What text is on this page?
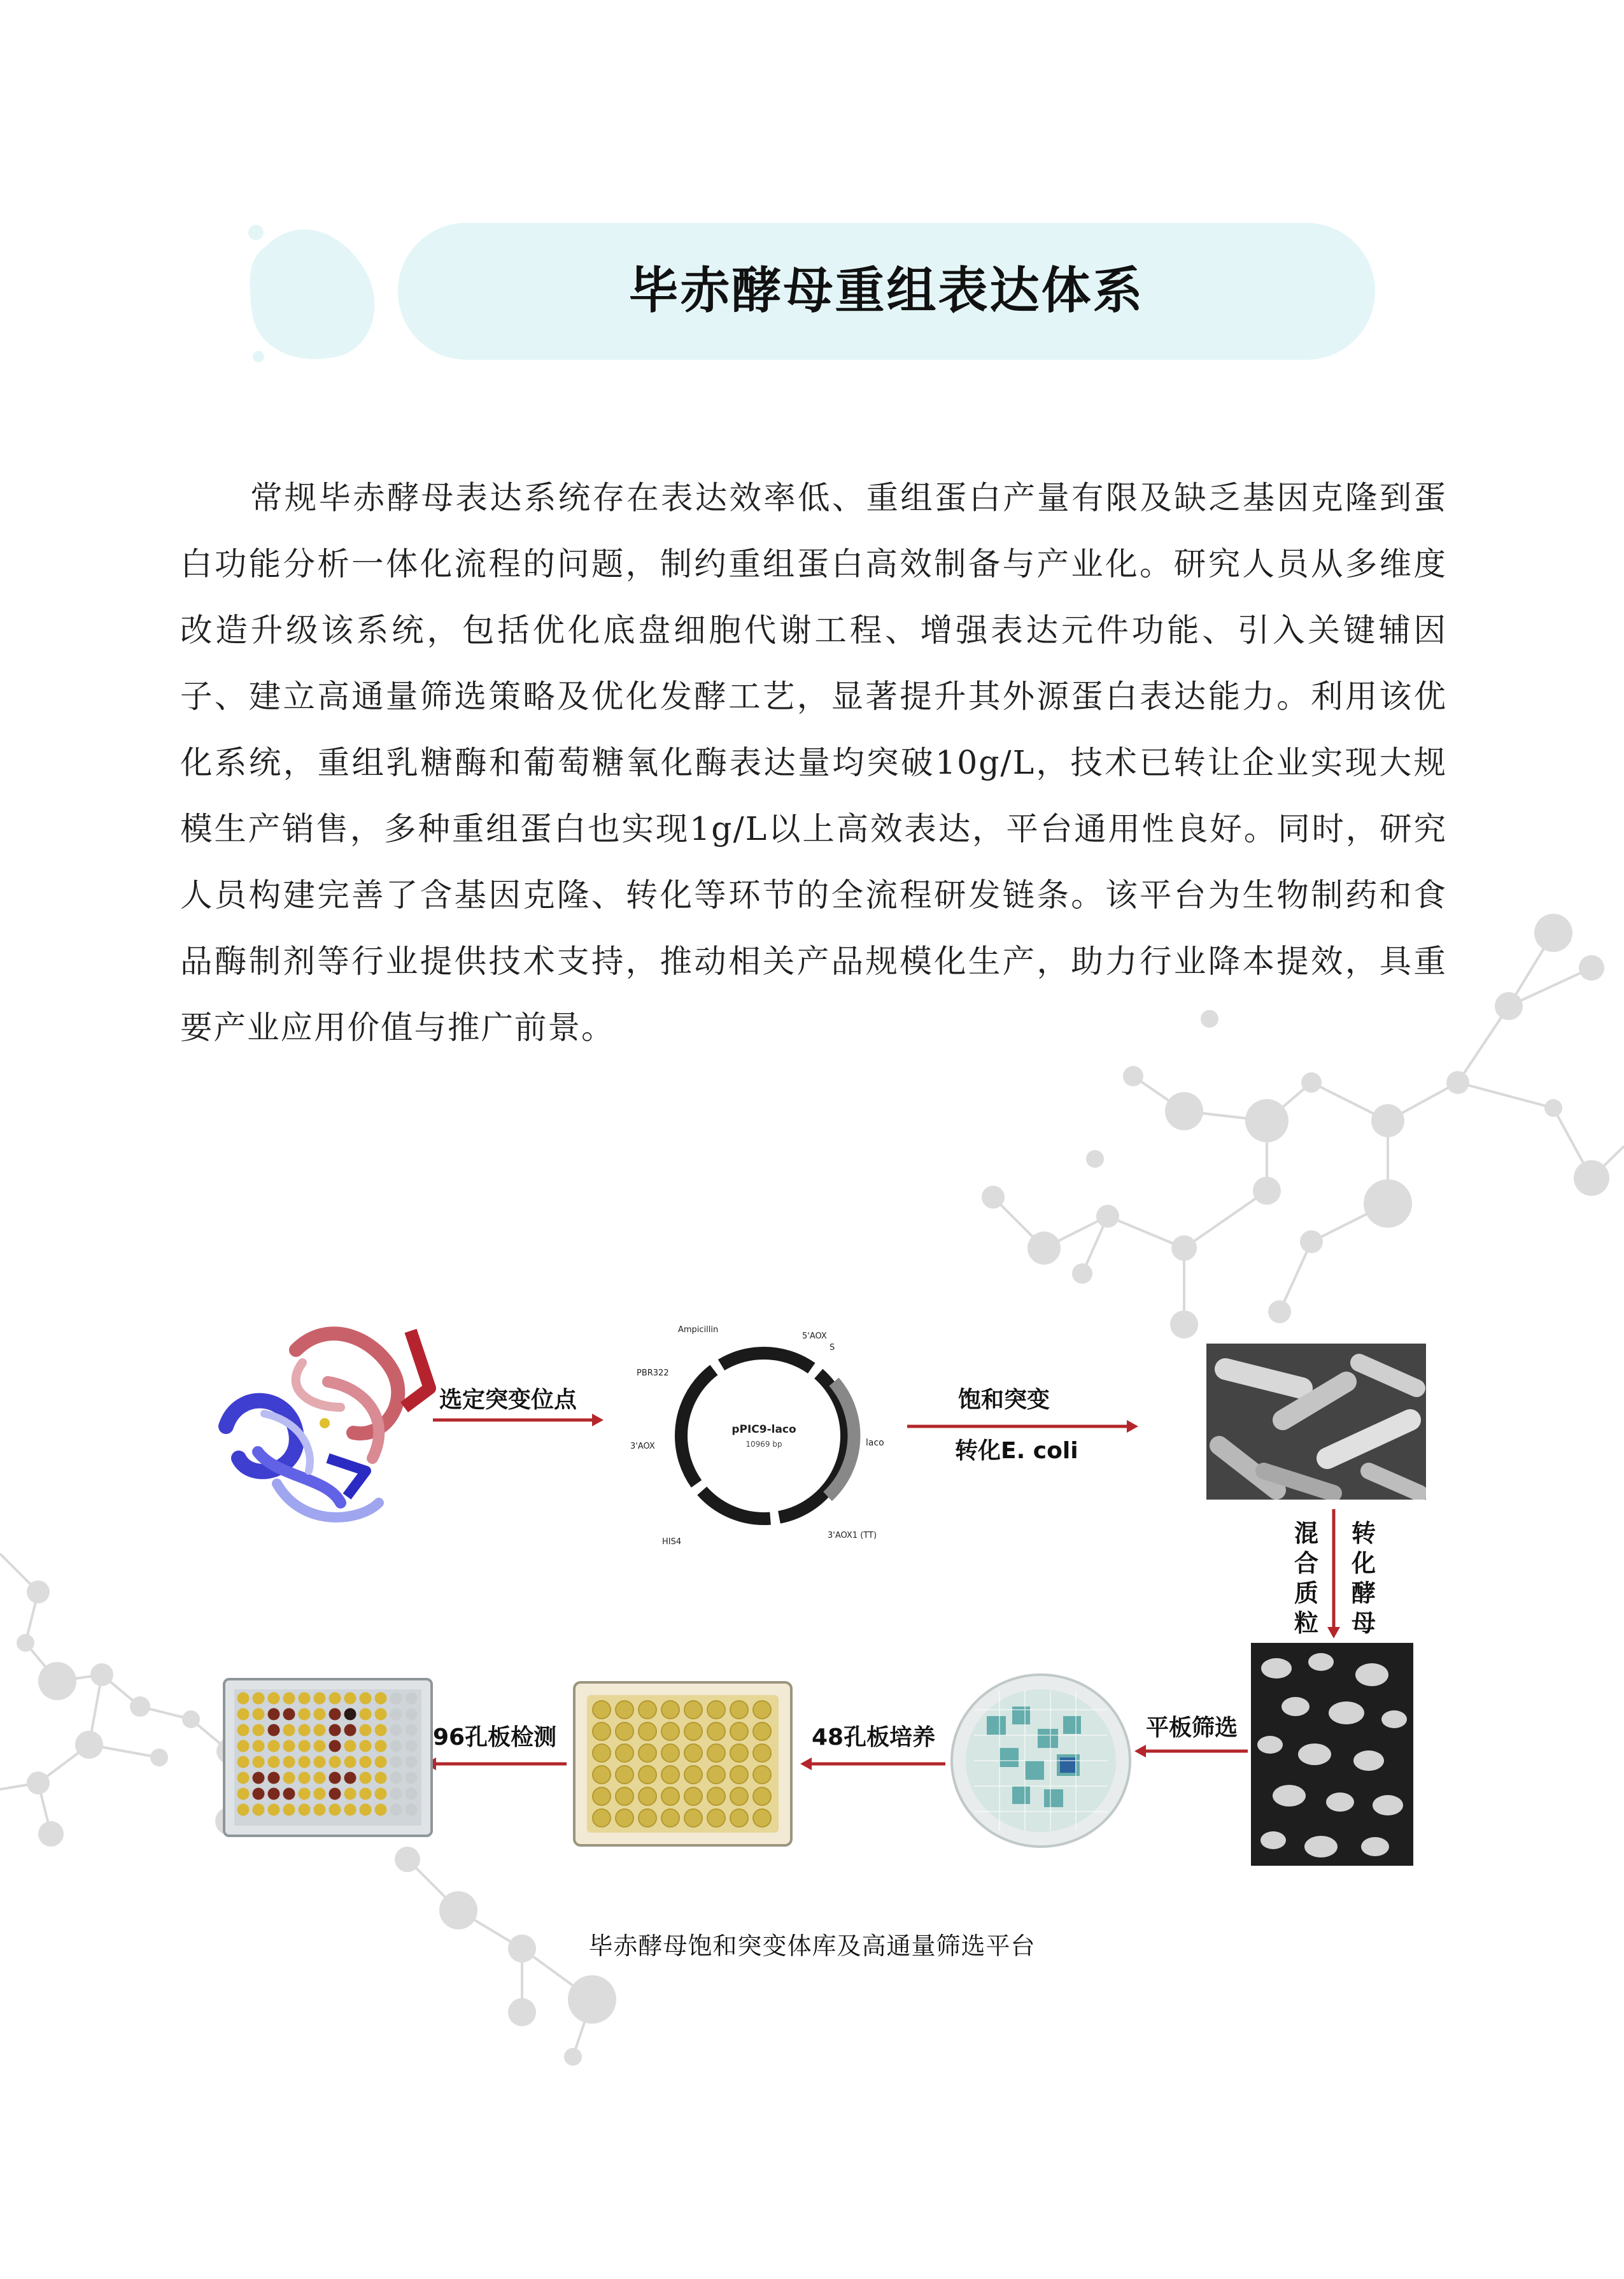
毕赤酵母重组表达体系
常规毕赤酵母表达系统存在表达效率低、重组蛋白产量有限及缺乏基因克隆到蛋白功能分析一体化流程的问题，制约重组蛋白高效制备与产业化。研究人员从多维度改造升级该系统，包括优化底盘细胞代谢工程、增强表达元件功能、引入关键辅因子、建立高通量筛选策略及优化发酵工艺，显著提升其外源蛋白表达能力。利用该优化系统，重组乳糖酶和葡萄糖氧化酶表达量均突破10g/L，技术已转让企业实现大规模生产销售，多种重组蛋白也实现1g/L以上高效表达，平台通用性良好。同时，研究人员构建完善了含基因克隆、转化等环节的全流程研发链条。该平台为生物制药和食品酶制剂等行业提供技术支持，推动相关产品规模化生产，助力行业降本提效，具重要产业应用价值与推广前景。
选定突变位点
pPIC9-laco
10969 bp
Ampicillin
PBR322
5'AOX
S
3'AOX	laco
HIS4
3'AOX1 (TT)
饱和突变
转化E. coli
混合质粒
转化酵母
平板筛选
48孔板培养
96孔板检测
毕赤酵母饱和突变体库及高通量筛选平台
